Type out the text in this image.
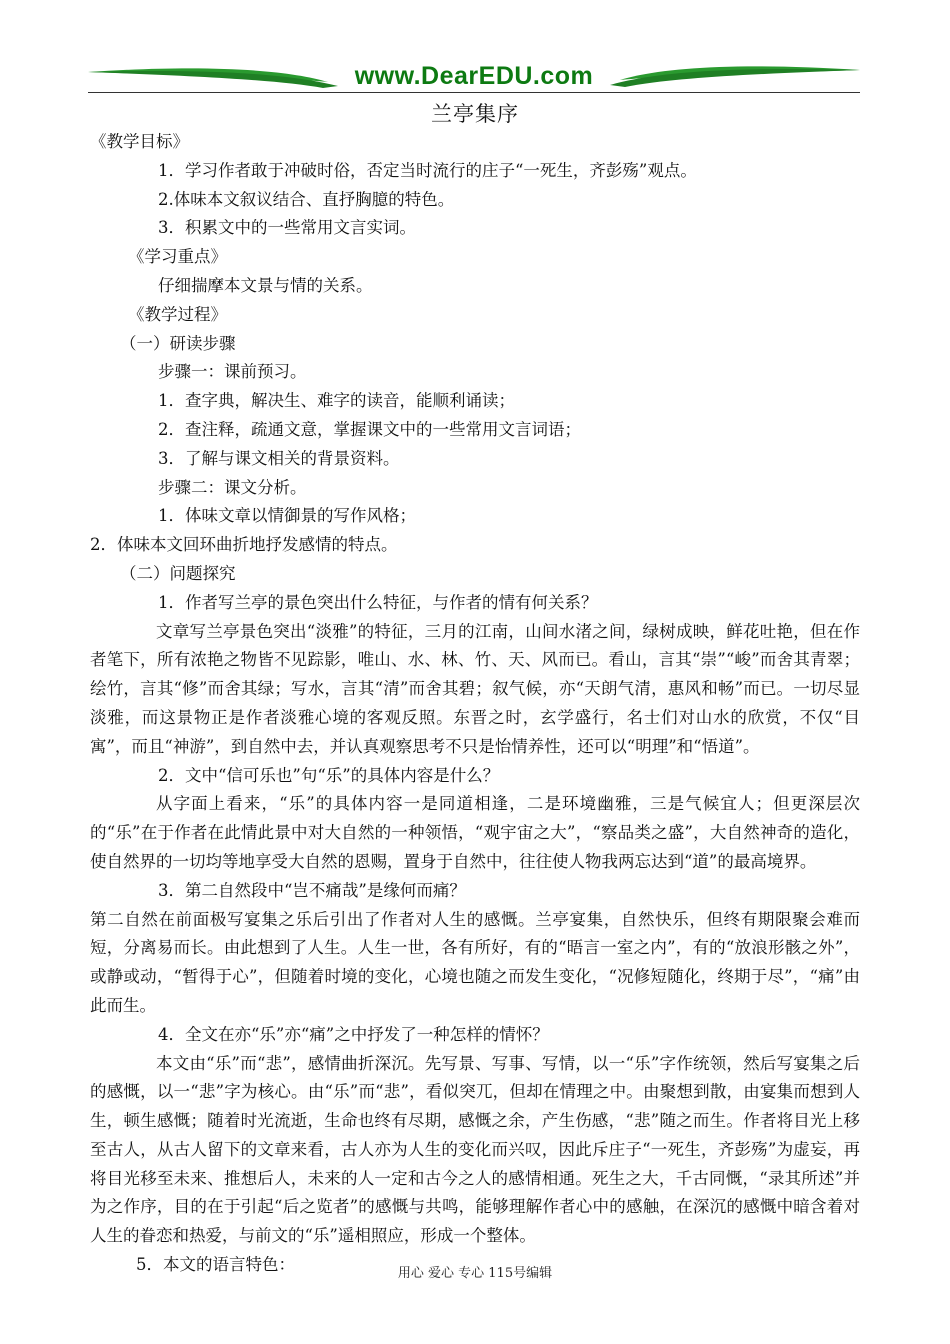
www.DearEDU.com
兰亭集序

《教学目标》

1．学习作者敢于冲破时俗，否定当时流行的庄子“一死生，齐彭殇”观点。

2.体味本文叙议结合、直抒胸臆的特色。

3．积累文中的一些常用文言实词。

《学习重点》

仔细揣摩本文景与情的关系。

《教学过程》

（一）研读步骤

步骤一：课前预习。

1．查字典，解决生、难字的读音，能顺利诵读；

2．查注释，疏通文意，掌握课文中的一些常用文言词语；

3．了解与课文相关的背景资料。

步骤二：课文分析。

1．体味文章以情御景的写作风格；

2．体味本文回环曲折地抒发感情的特点。

（二）问题探究

1．作者写兰亭的景色突出什么特征，与作者的情有何关系？

文章写兰亭景色突出“淡雅”的特征，三月的江南，山间水渚之间，绿树成映，鲜花吐艳，但在作者笔下，所有浓艳之物皆不见踪影，唯山、水、林、竹、天、风而已。看山，言其“崇”“峻”而舍其青翠；绘竹，言其“修”而舍其绿；写水，言其“清”而舍其碧；叙气候，亦“天朗气清，惠风和畅”而已。一切尽显淡雅，而这景物正是作者淡雅心境的客观反照。东晋之时，玄学盛行，名士们对山水的欣赏，不仅“目寓”，而且“神游”，到自然中去，并认真观察思考不只是怡情养性，还可以“明理”和“悟道”。

2．文中“信可乐也”句“乐”的具体内容是什么？

从字面上看来，“乐”的具体内容一是同道相逢，二是环境幽雅，三是气候宜人；但更深层次的“乐”在于作者在此情此景中对大自然的一种领悟，“观宇宙之大”，“察品类之盛”，大自然神奇的造化，使自然界的一切均等地享受大自然的恩赐，置身于自然中，往往使人物我两忘达到“道”的最高境界。

3．第二自然段中“岂不痛哉”是缘何而痛？

第二自然在前面极写宴集之乐后引出了作者对人生的感慨。兰亭宴集，自然快乐，但终有期限聚会难而短，分离易而长。由此想到了人生。人生一世，各有所好，有的“晤言一室之内”，有的“放浪形骸之外”，或静或动，“暂得于心”，但随着时境的变化，心境也随之而发生变化，“况修短随化，终期于尽”，“痛”由此而生。

4．全文在亦“乐”亦“痛”之中抒发了一种怎样的情怀？

本文由“乐”而“悲”，感情曲折深沉。先写景、写事、写情，以一“乐”字作统领，然后写宴集之后的感慨，以一“悲”字为核心。由“乐”而“悲”，看似突兀，但却在情理之中。由聚想到散，由宴集而想到人生，顿生感慨；随着时光流逝，生命也终有尽期，感慨之余，产生伤感，“悲”随之而生。作者将目光上移至古人，从古人留下的文章来看，古人亦为人生的变化而兴叹，因此斥庄子“一死生，齐彭殇”为虚妄，再将目光移至未来、推想后人，未来的人一定和古今之人的感情相通。死生之大，千古同慨，“录其所述”并为之作序，目的在于引起“后之览者”的感慨与共鸣，能够理解作者心中的感触，在深沉的感慨中暗含着对人生的眷恋和热爱，与前文的“乐”遥相照应，形成一个整体。

5．本文的语言特色：	用心 爱心 专心 115号编辑
